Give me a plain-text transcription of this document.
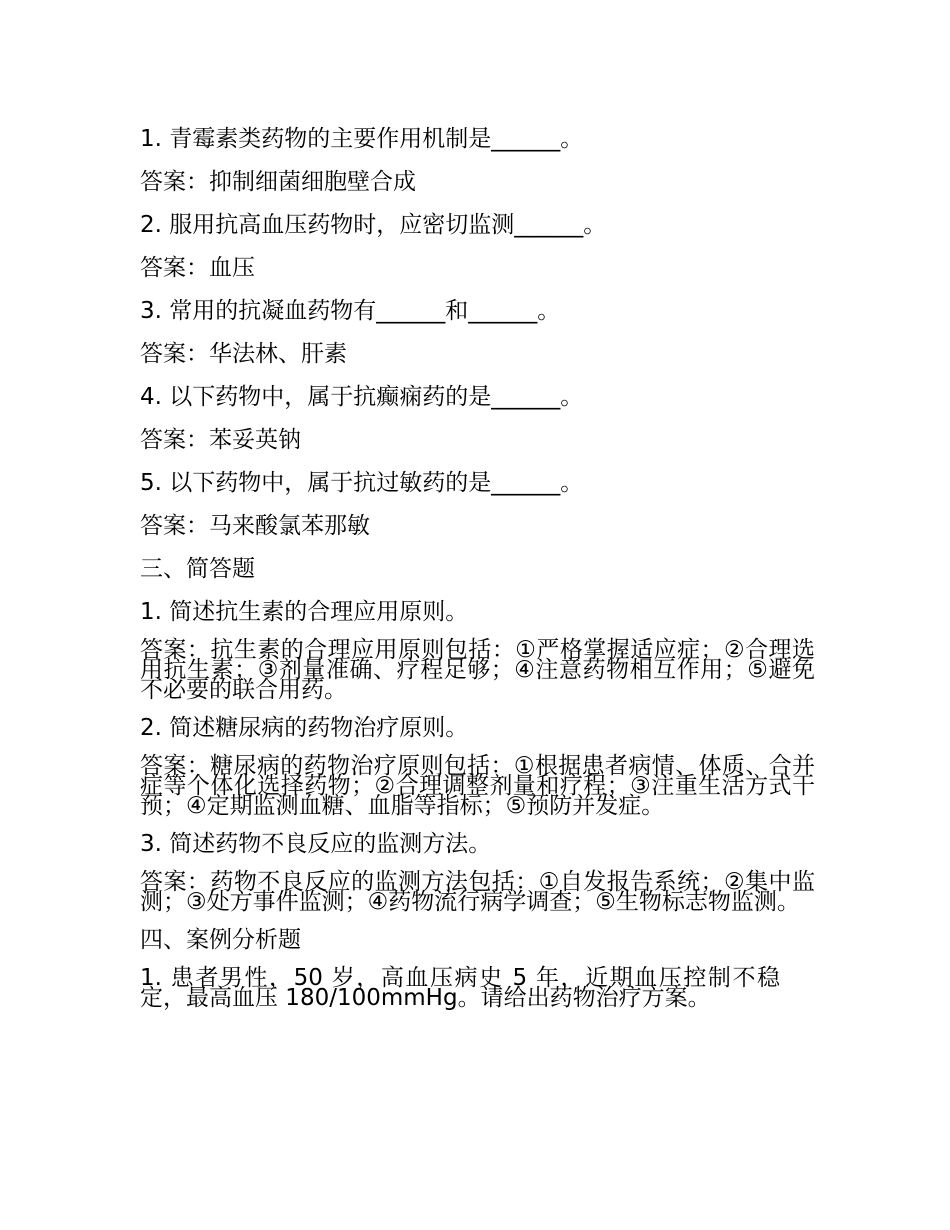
1. 青霉素类药物的主要作用机制是______。

答案：抑制细菌细胞壁合成

2. 服用抗高血压药物时，应密切监测______。

答案：血压

3. 常用的抗凝血药物有______和______。

答案：华法林、肝素

4. 以下药物中，属于抗癫痫药的是______。

答案：苯妥英钠

5. 以下药物中，属于抗过敏药的是______。

答案：马来酸氯苯那敏

三、简答题

1. 简述抗生素的合理应用原则。

答案：抗生素的合理应用原则包括：①严格掌握适应症；②合理选用抗生素；③剂量准确、疗程足够；④注意药物相互作用；⑤避免不必要的联合用药。

2. 简述糖尿病的药物治疗原则。

答案：糖尿病的药物治疗原则包括：①根据患者病情、体质、合并症等个体化选择药物；②合理调整剂量和疗程；③注重生活方式干预；④定期监测血糖、血脂等指标；⑤预防并发症。

3. 简述药物不良反应的监测方法。

答案：药物不良反应的监测方法包括：①自发报告系统；②集中监测；③处方事件监测；④药物流行病学调查；⑤生物标志物监测。

四、案例分析题

1. 患者男性，50 岁，高血压病史 5 年，近期血压控制不稳定，最高血压 180/100mmHg。请给出药物治疗方案。
